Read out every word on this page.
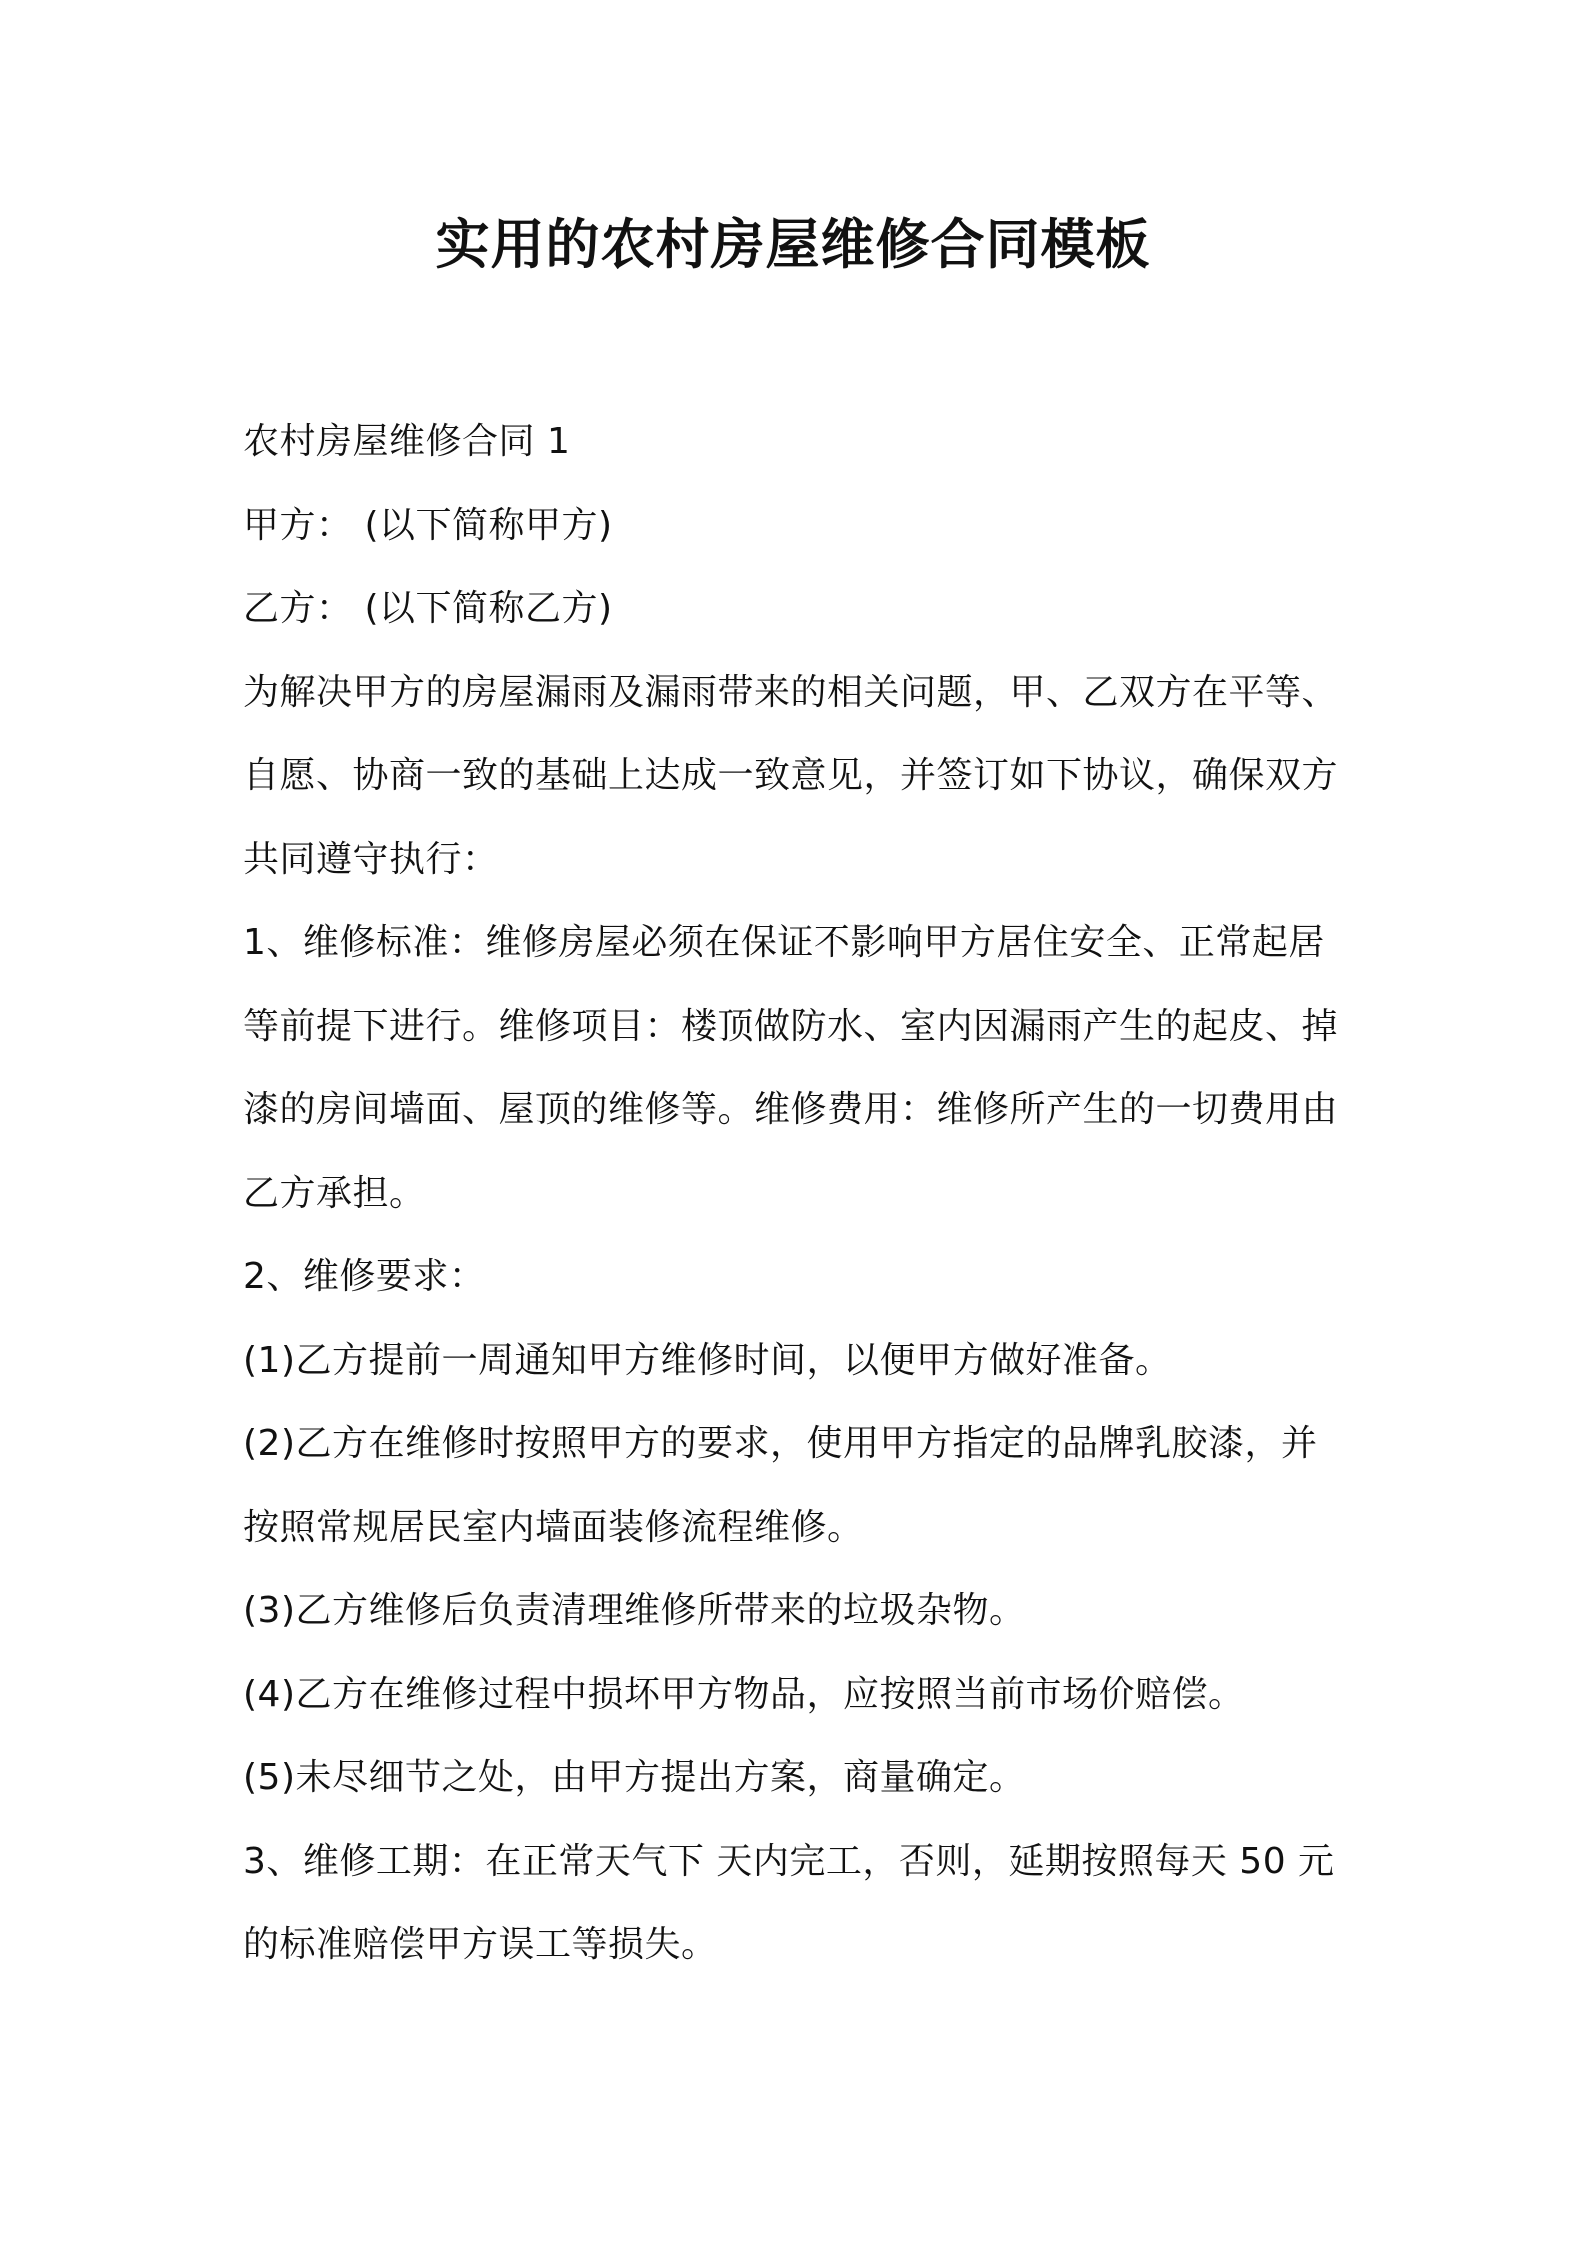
实用的农村房屋维修合同模板
农村房屋维修合同 1
甲方： (以下简称甲方)
乙方： (以下简称乙方)
为解决甲方的房屋漏雨及漏雨带来的相关问题，甲、乙双方在平等、
自愿、协商一致的基础上达成一致意见，并签订如下协议，确保双方
共同遵守执行：
1、维修标准：维修房屋必须在保证不影响甲方居住安全、正常起居
等前提下进行。维修项目：楼顶做防水、室内因漏雨产生的起皮、掉
漆的房间墙面、屋顶的维修等。维修费用：维修所产生的一切费用由
乙方承担。
2、维修要求：
(1)乙方提前一周通知甲方维修时间，以便甲方做好准备。
(2)乙方在维修时按照甲方的要求，使用甲方指定的品牌乳胶漆，并
按照常规居民室内墙面装修流程维修。
(3)乙方维修后负责清理维修所带来的垃圾杂物。
(4)乙方在维修过程中损坏甲方物品，应按照当前市场价赔偿。
(5)未尽细节之处，由甲方提出方案，商量确定。
3、维修工期：在正常天气下 天内完工，否则，延期按照每天 50 元
的标准赔偿甲方误工等损失。
